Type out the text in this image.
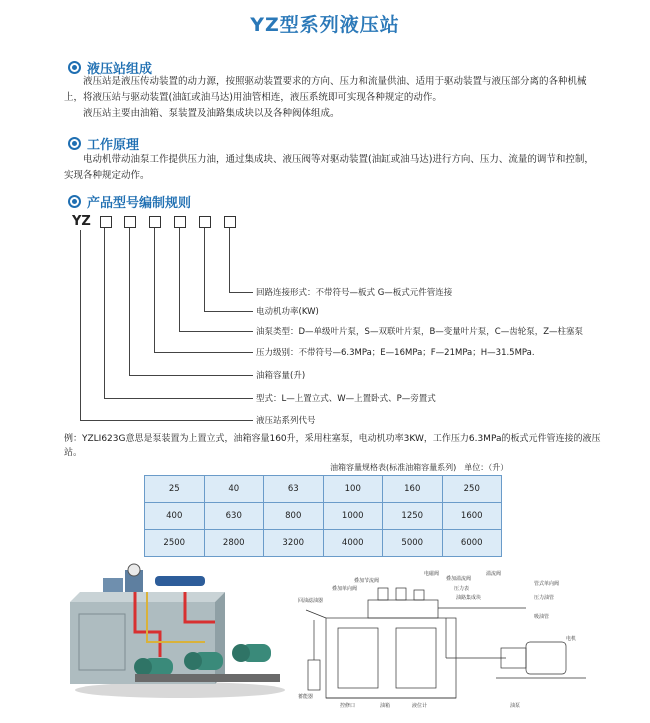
YZ型系列液压站
液压站组成

液压站是液压传动装置的动力源，按照驱动装置要求的方向、压力和流量供油、适用于驱动装置与液压部分离的各种机械上，将液压站与驱动装置(油缸或油马达)用油管相连，液压系统即可实现各种规定的动作。

液压站主要由油箱、泵装置及油路集成块以及各种阀体组成。

工作原理

电动机带动油泵工作提供压力油，通过集成块、液压阀等对驱动装置(油缸或油马达)进行方向、压力、流量的调节和控制，实现各种规定动作。

产品型号编制规则
YZ
回路连接形式：不带符号—板式 G—板式元件管连接
电动机功率(KW)
油泵类型：D—单级叶片泵，S—双联叶片泵，B—变量叶片泵，C—齿轮泵，Z—柱塞泵
压力级别：不带符号—6.3MPa；E—16MPa；F—21MPa；H—31.5MPa.
油箱容量(升)
型式：L—上置立式、W—上置卧式、P—旁置式
液压站系列代号
例：YZLI623G意思是泵装置为上置立式，油箱容量160升，采用柱塞泵，电动机功率3KW，工作压力6.3MPa的板式元件管连接的液压站。
油箱容量规格表(标准油箱容量系列)　单位：（升）
25	40	63	100	160	250
400	630	800	1000	1250	1600
2500	2800	3200	4000	5000	6000
电磁阀
叠加节流阀	叠加溢流阀
压力表
叠加单向阀
油路集成块
管式单向阀
压力油管
回油滤油器
吸油管
电机
蓄能器
控修口	油箱	液位计	油泵
溢流阀
